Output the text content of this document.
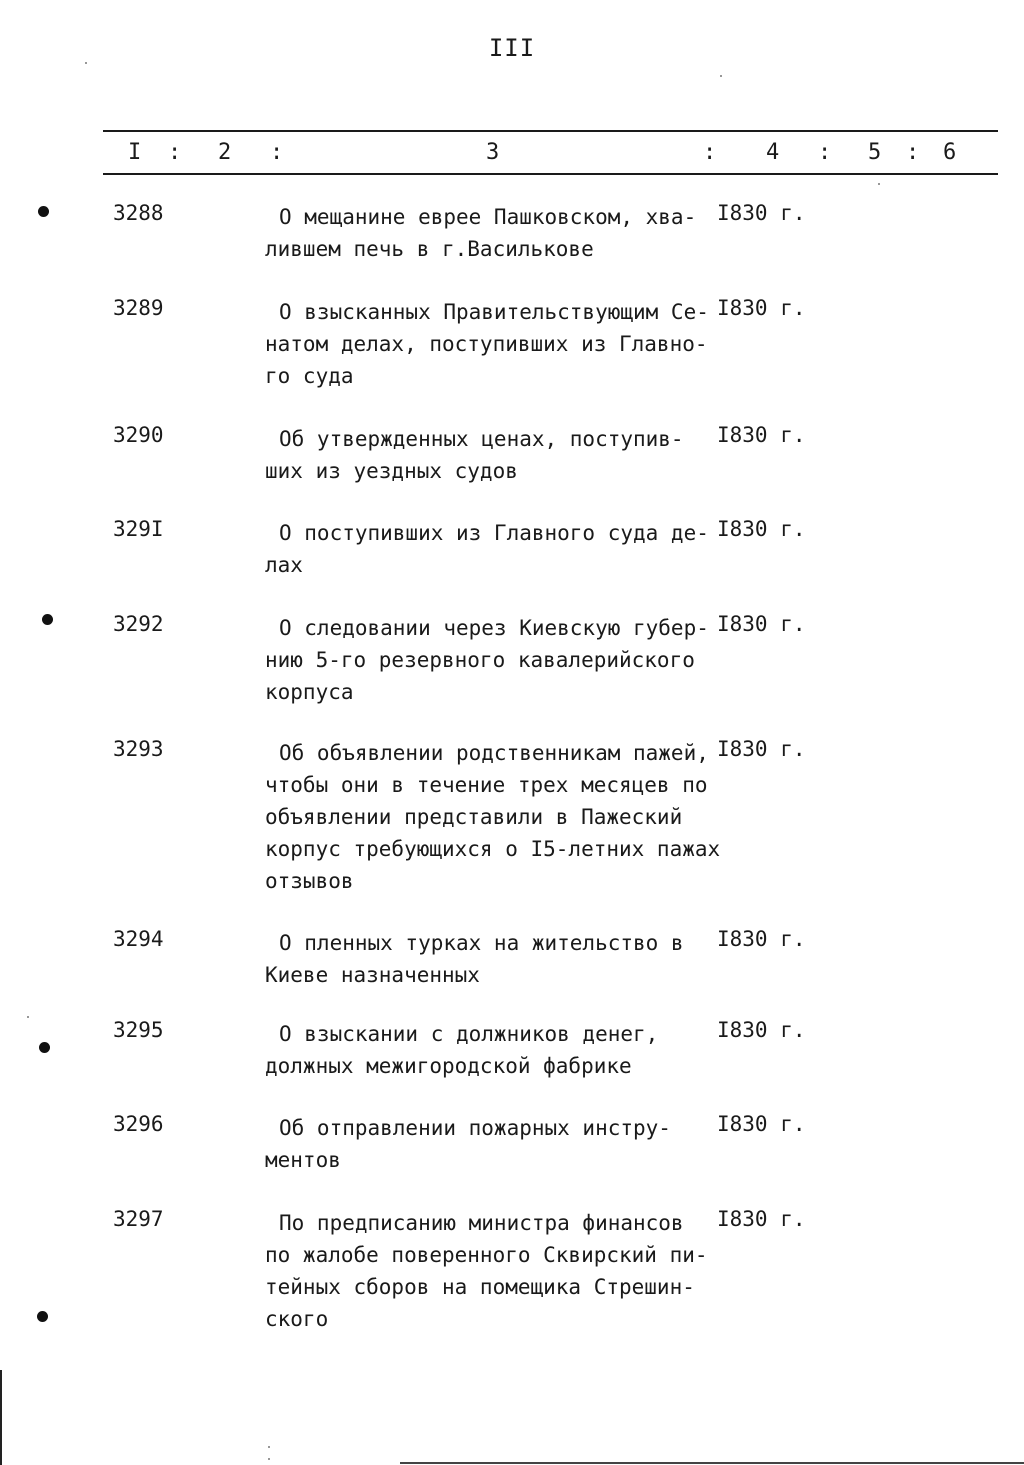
III
I : 2 :	3	: 4 : 5 : 6
3288	О мещанине еврее Пашковском, хва-
лившем печь в г.Василькове
I830 г.
3289	О взысканных Правительствующим Се-
натом делах, поступивших из Главно-
го суда
I830 г.
3290	Об утвержденных ценах, поступив-
ших из уездных судов
I830 г.
329I	О поступивших из Главного суда де-
лах
I830 г.
3292	О следовании через Киевскую губер-
нию 5-го резервного кавалерийского
корпуса
I830 г.
3293	Об объявлении родственникам пажей,
чтобы они в течение трех месяцев по
объявлении представили в Пажеский
корпус требующихся о I5-летних пажах
отзывов
I830 г.
3294	О пленных турках на жительство в
Киеве назначенных
I830 г.
3295	О взыскании с должников денег,
должных межигородской фабрике
I830 г.
3296	Об отправлении пожарных инстру-
ментов
I830 г.
3297	По предписанию министра финансов
по жалобе поверенного Сквирский пи-
тейных сборов на помещика Стрешин-
ского
I830 г.
